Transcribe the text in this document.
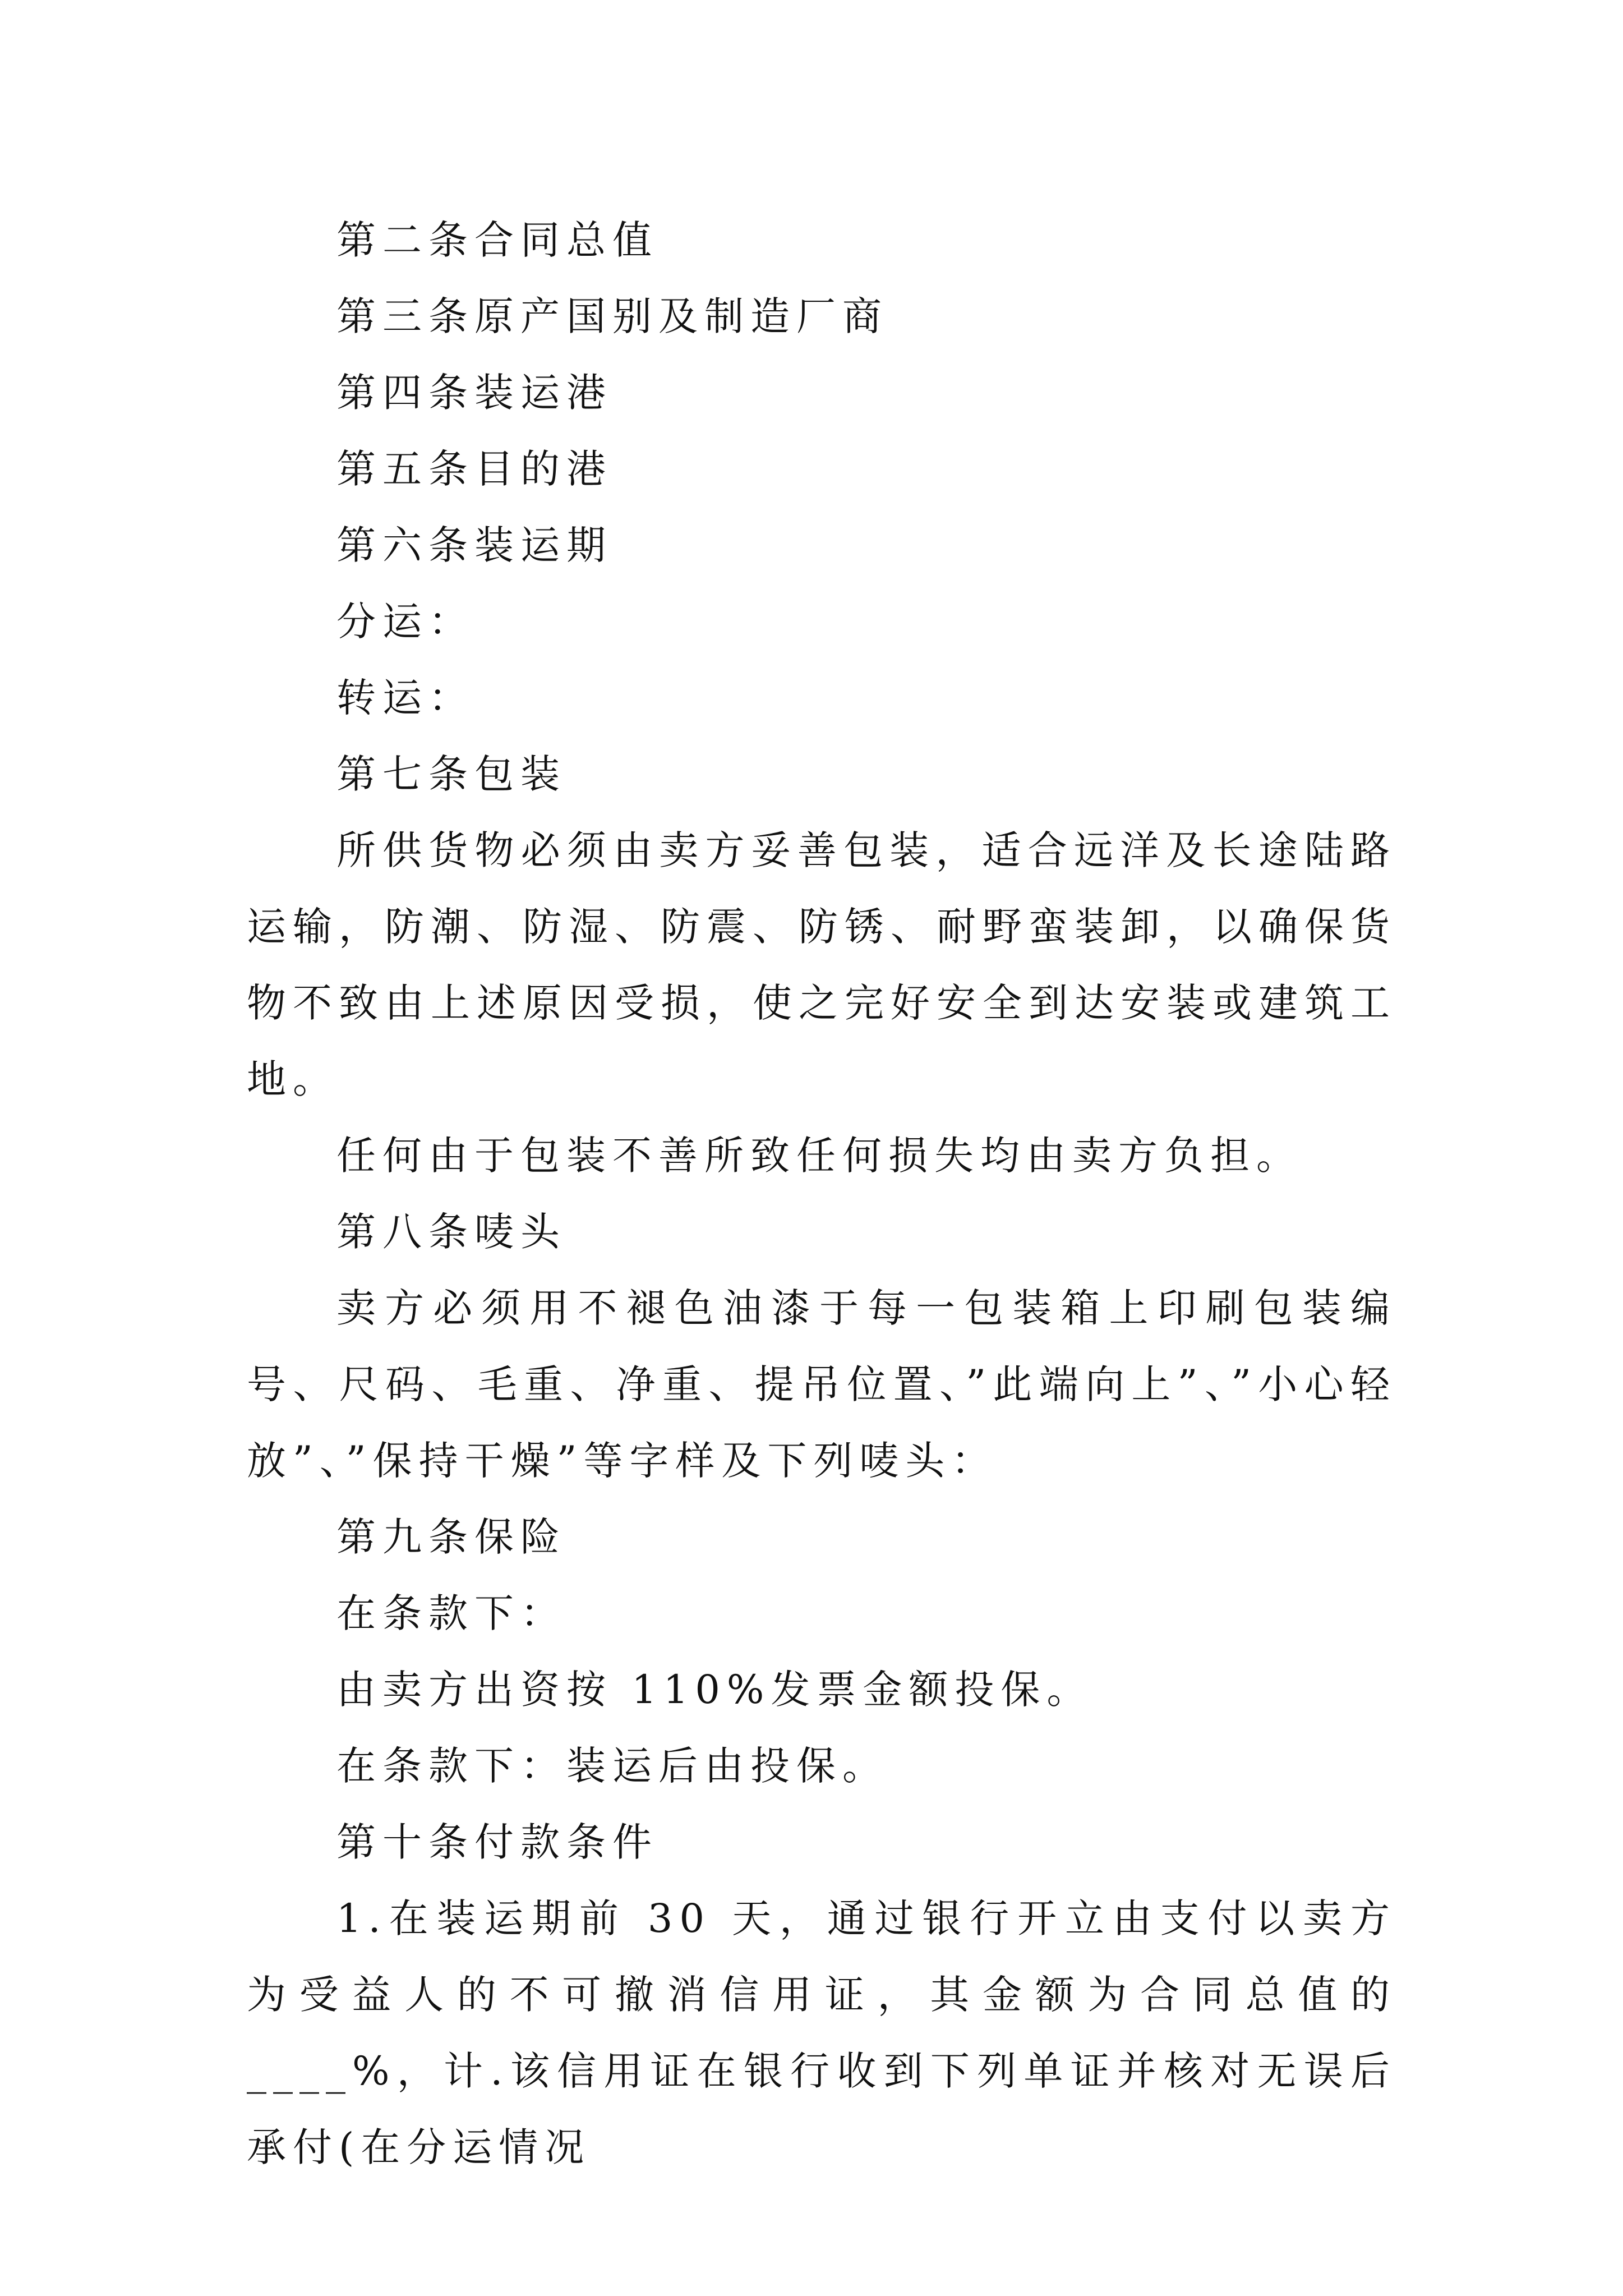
第二条合同总值

第三条原产国别及制造厂商

第四条装运港

第五条目的港

第六条装运期

分运：

转运：

第七条包装

所供货物必须由卖方妥善包装，适合远洋及长途陆路运输，防潮、防湿、防震、防锈、耐野蛮装卸，以确保货物不致由上述原因受损，使之完好安全到达安装或建筑工地。

任何由于包装不善所致任何损失均由卖方负担。

第八条唛头

卖方必须用不褪色油漆于每一包装箱上印刷包装编号、尺码、毛重、净重、提吊位置、”此端向上”、”小心轻放”、”保持干燥”等字样及下列唛头：

第九条保险

在条款下：

由卖方出资按 110%发票金额投保。

在条款下：装运后由投保。

第十条付款条件

1.在装运期前 30 天，通过银行开立由支付以卖方为受益人的不可撤消信用证，其金额为合同总值的____%，计.该信用证在银行收到下列单证并核对无误后承付(在分运情况
